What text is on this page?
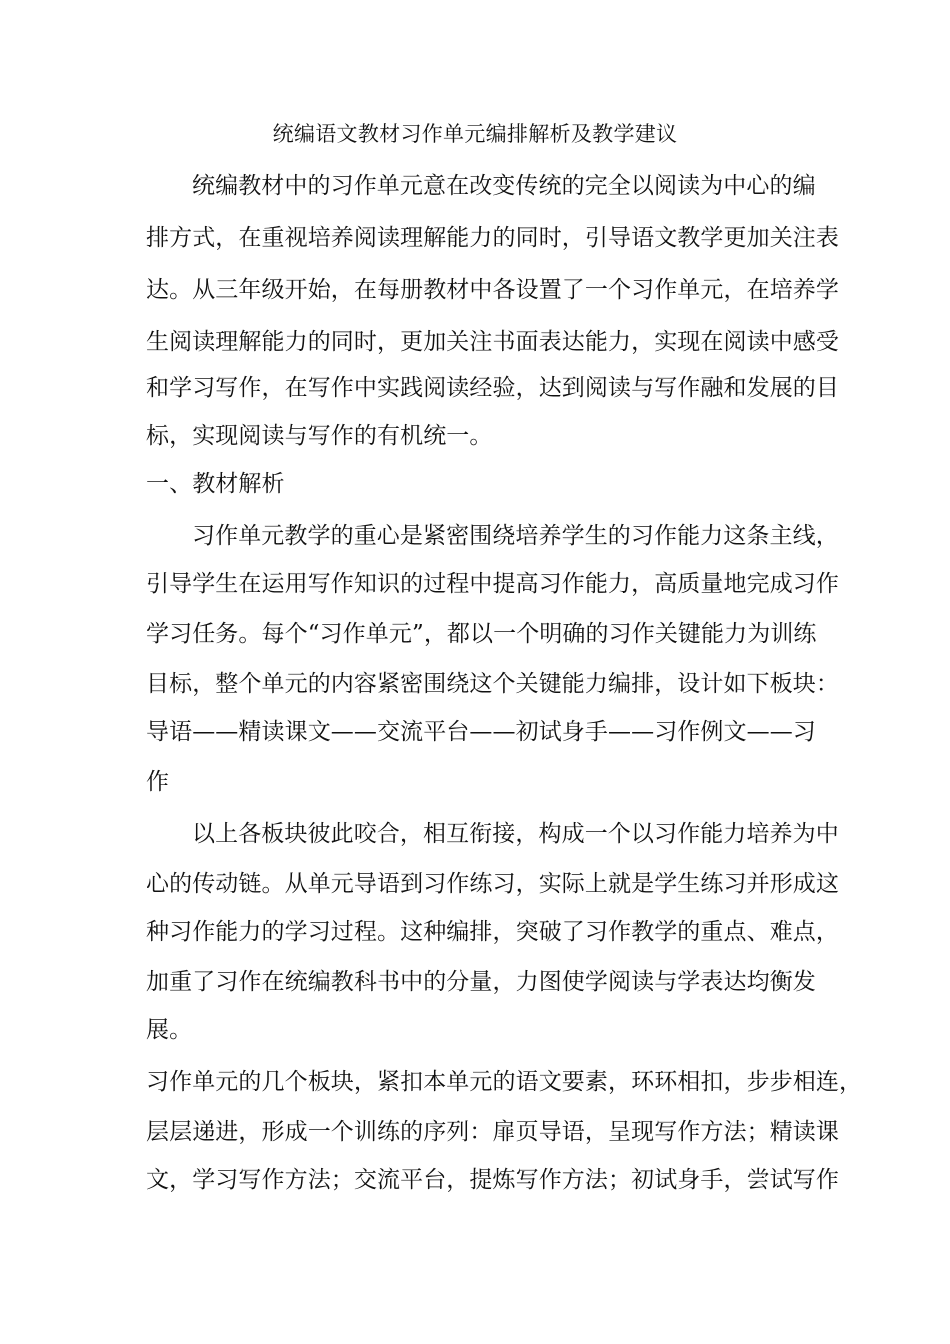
统编语文教材习作单元编排解析及教学建议
统编教材中的习作单元意在改变传统的完全以阅读为中心的编
排方式，在重视培养阅读理解能力的同时，引导语文教学更加关注表
达。从三年级开始，在每册教材中各设置了一个习作单元，在培养学
生阅读理解能力的同时，更加关注书面表达能力，实现在阅读中感受
和学习写作，在写作中实践阅读经验，达到阅读与写作融和发展的目
标，实现阅读与写作的有机统一。
一、教材解析
习作单元教学的重心是紧密围绕培养学生的习作能力这条主线，
引导学生在运用写作知识的过程中提高习作能力，高质量地完成习作
学习任务。每个“习作单元”，都以一个明确的习作关键能力为训练
目标，整个单元的内容紧密围绕这个关键能力编排，设计如下板块：
导语——精读课文——交流平台——初试身手——习作例文——习
作
以上各板块彼此咬合，相互衔接，构成一个以习作能力培养为中
心的传动链。从单元导语到习作练习，实际上就是学生练习并形成这
种习作能力的学习过程。这种编排，突破了习作教学的重点、难点，
加重了习作在统编教科书中的分量，力图使学阅读与学表达均衡发
展。
习作单元的几个板块，紧扣本单元的语文要素，环环相扣，步步相连，
层层递进，形成一个训练的序列：扉页导语，呈现写作方法；精读课
文，学习写作方法；交流平台，提炼写作方法；初试身手，尝试写作
